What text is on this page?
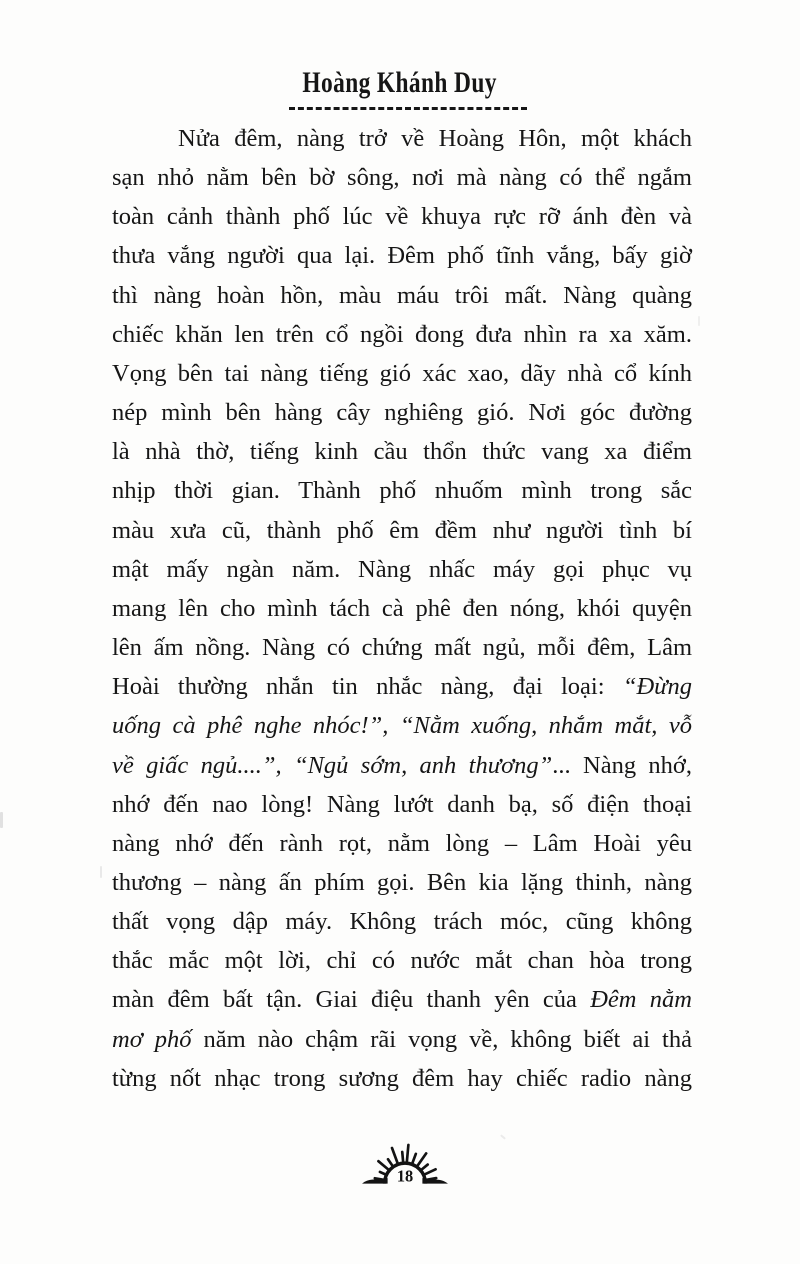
Hoàng Khánh Duy
Nửa đêm, nàng trở về Hoàng Hôn, một khách
sạn nhỏ nằm bên bờ sông, nơi mà nàng có thể ngắm
toàn cảnh thành phố lúc về khuya rực rỡ ánh đèn và
thưa vắng người qua lại. Đêm phố tĩnh vắng, bấy giờ
thì nàng hoàn hồn, màu máu trôi mất. Nàng quàng
chiếc khăn len trên cổ ngồi đong đưa nhìn ra xa xăm.
Vọng bên tai nàng tiếng gió xác xao, dãy nhà cổ kính
nép mình bên hàng cây nghiêng gió. Nơi góc đường
là nhà thờ, tiếng kinh cầu thổn thức vang xa điểm
nhịp thời gian. Thành phố nhuốm mình trong sắc
màu xưa cũ, thành phố êm đềm như người tình bí
mật mấy ngàn năm. Nàng nhấc máy gọi phục vụ
mang lên cho mình tách cà phê đen nóng, khói quyện
lên ấm nồng. Nàng có chứng mất ngủ, mỗi đêm, Lâm
Hoài thường nhắn tin nhắc nàng, đại loại: “Đừng
uống cà phê nghe nhóc!”, “Nằm xuống, nhắm mắt, vỗ
về giấc ngủ....”, “Ngủ sớm, anh thương”... Nàng nhớ,
nhớ đến nao lòng! Nàng lướt danh bạ, số điện thoại
nàng nhớ đến rành rọt, nằm lòng – Lâm Hoài yêu
thương – nàng ấn phím gọi. Bên kia lặng thinh, nàng
thất vọng dập máy. Không trách móc, cũng không
thắc mắc một lời, chỉ có nước mắt chan hòa trong
màn đêm bất tận. Giai điệu thanh yên của Đêm nằm
mơ phố năm nào chậm rãi vọng về, không biết ai thả
từng nốt nhạc trong sương đêm hay chiếc radio nàng
18
